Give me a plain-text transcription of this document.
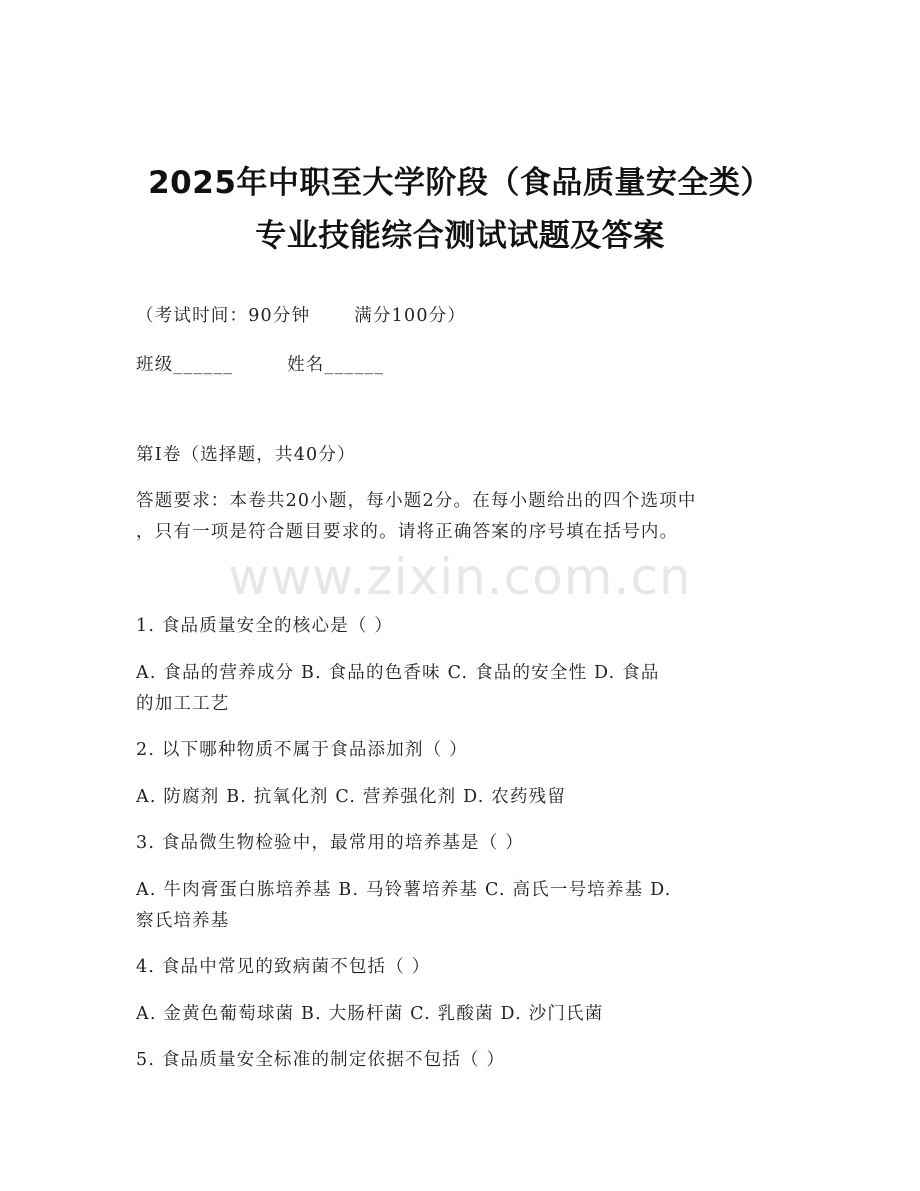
2025年中职至大学阶段（食品质量安全类）
专业技能综合测试试题及答案
（考试时间：90分钟	满分100分）
班级______	姓名______
第I卷（选择题，共40分）
答题要求：本卷共20小题，每小题2分。在每小题给出的四个选项中
，只有一项是符合题目要求的。请将正确答案的序号填在括号内。
www.zixin.com.cn
1. 食品质量安全的核心是（ ）
A. 食品的营养成分 B. 食品的色香味 C. 食品的安全性 D. 食品
的加工工艺
2. 以下哪种物质不属于食品添加剂（ ）
A. 防腐剂 B. 抗氧化剂 C. 营养强化剂 D. 农药残留
3. 食品微生物检验中，最常用的培养基是（ ）
A. 牛肉膏蛋白胨培养基 B. 马铃薯培养基 C. 高氏一号培养基 D.
察氏培养基
4. 食品中常见的致病菌不包括（ ）
A. 金黄色葡萄球菌 B. 大肠杆菌 C. 乳酸菌 D. 沙门氏菌
5. 食品质量安全标准的制定依据不包括（ ）
